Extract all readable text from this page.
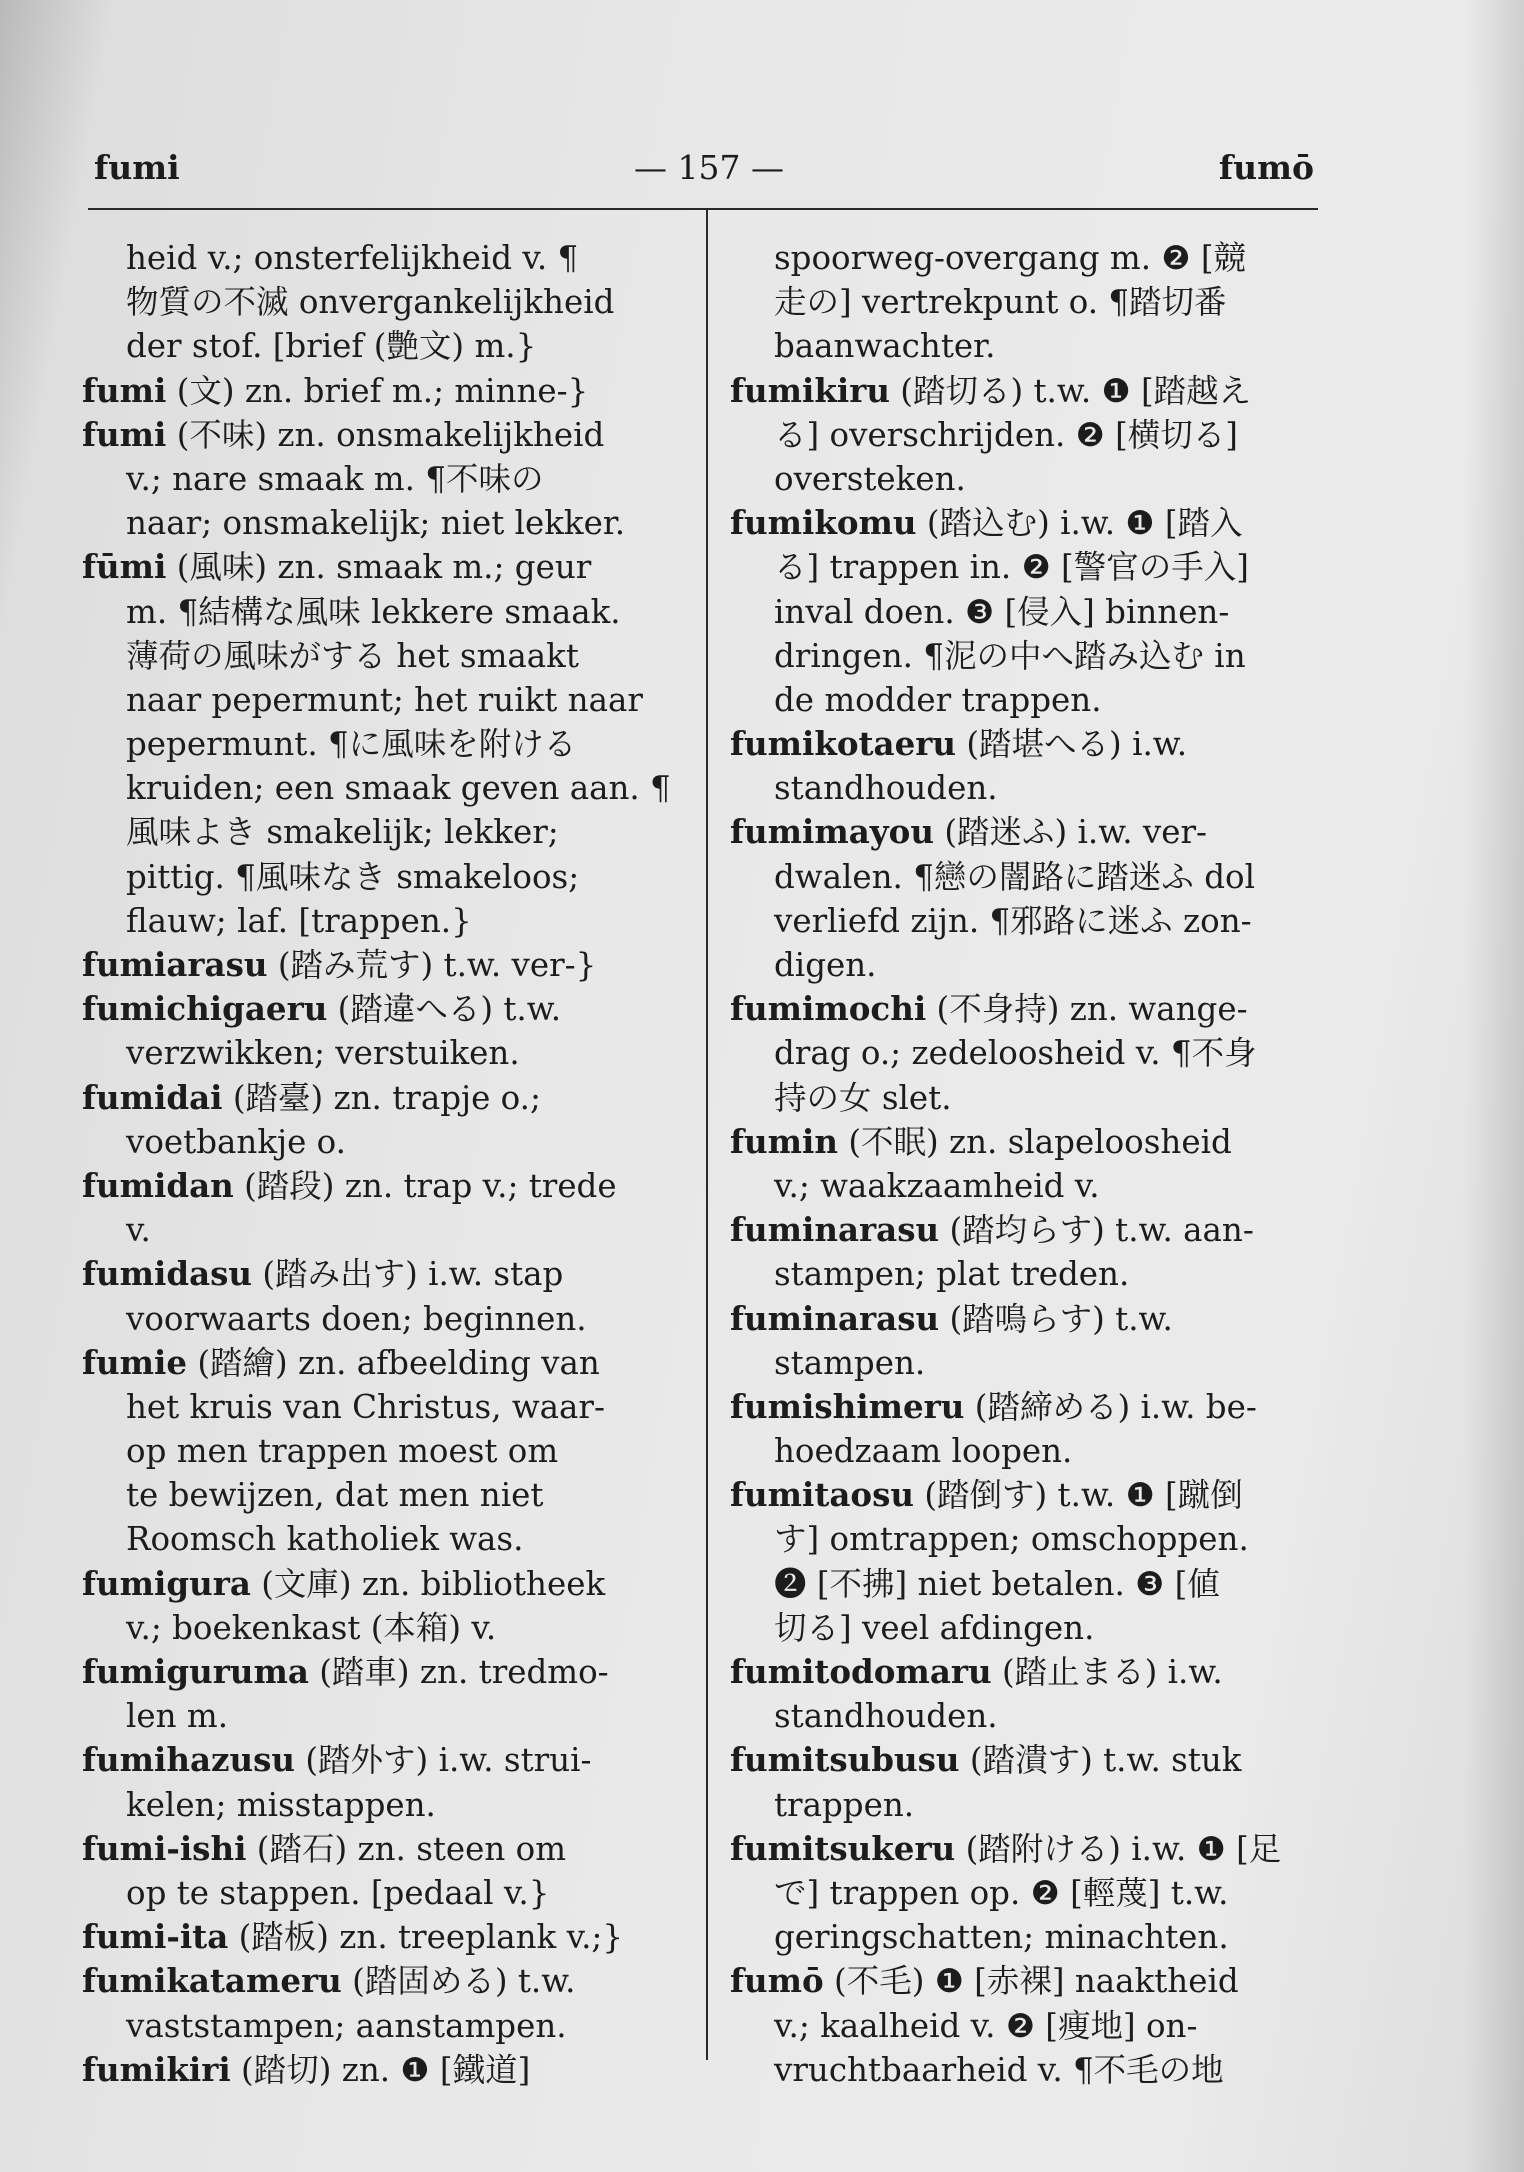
fumi	— 157 —	fumō
heid v.; onsterfelijkheid v. ¶
物質の不滅 onvergankelijkheid
der stof. [brief (艶文) m.}
fumi (文) zn. brief m.; minne-}
fumi (不味) zn. onsmakelijkheid
v.; nare smaak m. ¶不味の
naar; onsmakelijk; niet lekker.
fūmi (風味) zn. smaak m.; geur
m. ¶結構な風味 lekkere smaak.
薄荷の風味がする het smaakt
naar pepermunt; het ruikt naar
pepermunt. ¶に風味を附ける
kruiden; een smaak geven aan. ¶
風味よき smakelijk; lekker;
pittig. ¶風味なき smakeloos;
flauw; laf. [trappen.}
fumiarasu (踏み荒す) t.w. ver-}
fumichigaeru (踏違へる) t.w.
verzwikken; verstuiken.
fumidai (踏臺) zn. trapje o.;
voetbankje o.
fumidan (踏段) zn. trap v.; trede
v.
fumidasu (踏み出す) i.w. stap
voorwaarts doen; beginnen.
fumie (踏繪) zn. afbeelding van
het kruis van Christus, waar-
op men trappen moest om
te bewijzen, dat men niet
Roomsch katholiek was.
fumigura (文庫) zn. bibliotheek
v.; boekenkast (本箱) v.
fumiguruma (踏車) zn. tredmo-
len m.
fumihazusu (踏外す) i.w. strui-
kelen; misstappen.
fumi-ishi (踏石) zn. steen om
op te stappen. [pedaal v.}
fumi-ita (踏板) zn. treeplank v.;}
fumikatameru (踏固める) t.w.
vaststampen; aanstampen.
fumikiri (踏切) zn. ❶ [鐵道]
spoorweg-overgang m. ❷ [競
走の] vertrekpunt o. ¶踏切番
baanwachter.
fumikiru (踏切る) t.w. ❶ [踏越え
る] overschrijden. ❷ [横切る]
oversteken.
fumikomu (踏込む) i.w. ❶ [踏入
る] trappen in. ❷ [警官の手入]
inval doen. ❸ [侵入] binnen-
dringen. ¶泥の中へ踏み込む in
de modder trappen.
fumikotaeru (踏堪へる) i.w.
standhouden.
fumimayou (踏迷ふ) i.w. ver-
dwalen. ¶戀の闇路に踏迷ふ dol
verliefd zijn. ¶邪路に迷ふ zon-
digen.
fumimochi (不身持) zn. wange-
drag o.; zedeloosheid v. ¶不身
持の女 slet.
fumin (不眠) zn. slapeloosheid
v.; waakzaamheid v.
fuminarasu (踏均らす) t.w. aan-
stampen; plat treden.
fuminarasu (踏鳴らす) t.w.
stampen.
fumishimeru (踏締める) i.w. be-
hoedzaam loopen.
fumitaosu (踏倒す) t.w. ❶ [蹴倒
す] omtrappen; omschoppen.
❷ [不拂] niet betalen. ❸ [値
切る] veel afdingen.
fumitodomaru (踏止まる) i.w.
standhouden.
fumitsubusu (踏潰す) t.w. stuk
trappen.
fumitsukeru (踏附ける) i.w. ❶ [足
で] trappen op. ❷ [輕蔑] t.w.
geringschatten; minachten.
fumō (不毛) ❶ [赤裸] naaktheid
v.; kaalheid v. ❷ [痩地] on-
vruchtbaarheid v. ¶不毛の地
